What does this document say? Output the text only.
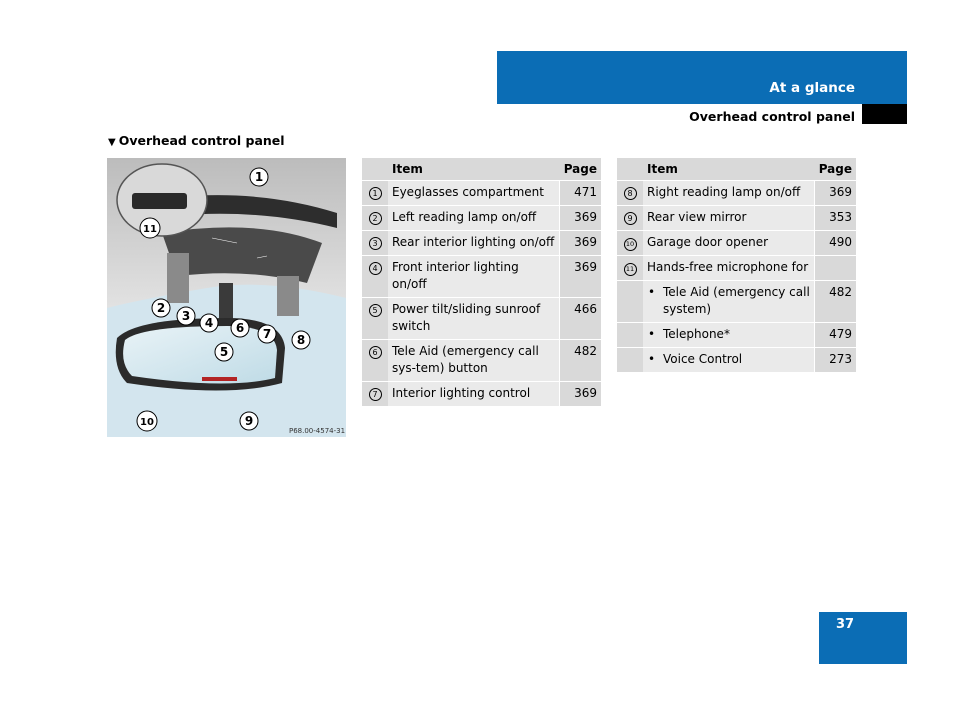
At a glance
Overhead control panel
▼ Overhead control panel
1
2
3 4
5
6 7 8
9
10
11
P68.00-4574-31
	Item	Page
1	Eyeglasses compartment	471
2	Left reading lamp on/off	369
3	Rear interior lighting on/off	369
4	Front interior lighting on/off	369
5	Power tilt/sliding sunroof switch	466
6	Tele Aid (emergency call sys-tem) button	482
7	Interior lighting control	369
	Item	Page
8	Right reading lamp on/off	369
9	Rear view mirror	353
10	Garage door opener	490
11	Hands-free microphone for	
	• Tele Aid (emergency call system)	482
	• Telephone*	479
	• Voice Control	273
37
